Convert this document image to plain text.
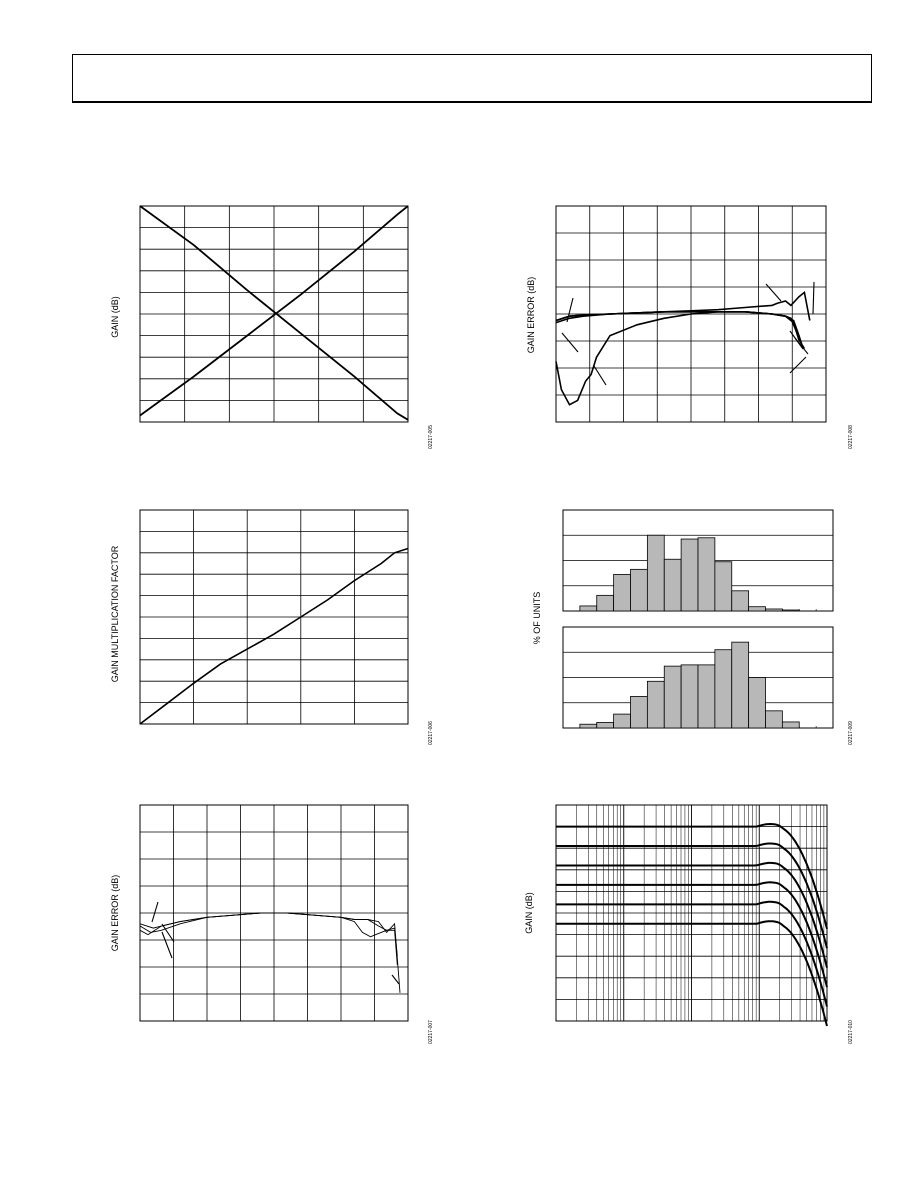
GAIN (dB)
02217-005
GAIN ERROR (dB)
02217-008
GAIN MULTIPLICATION FACTOR
02217-006
% OF UNITS
02217-009
GAIN ERROR (dB)
02217-007
GAIN (dB)
02217-010
